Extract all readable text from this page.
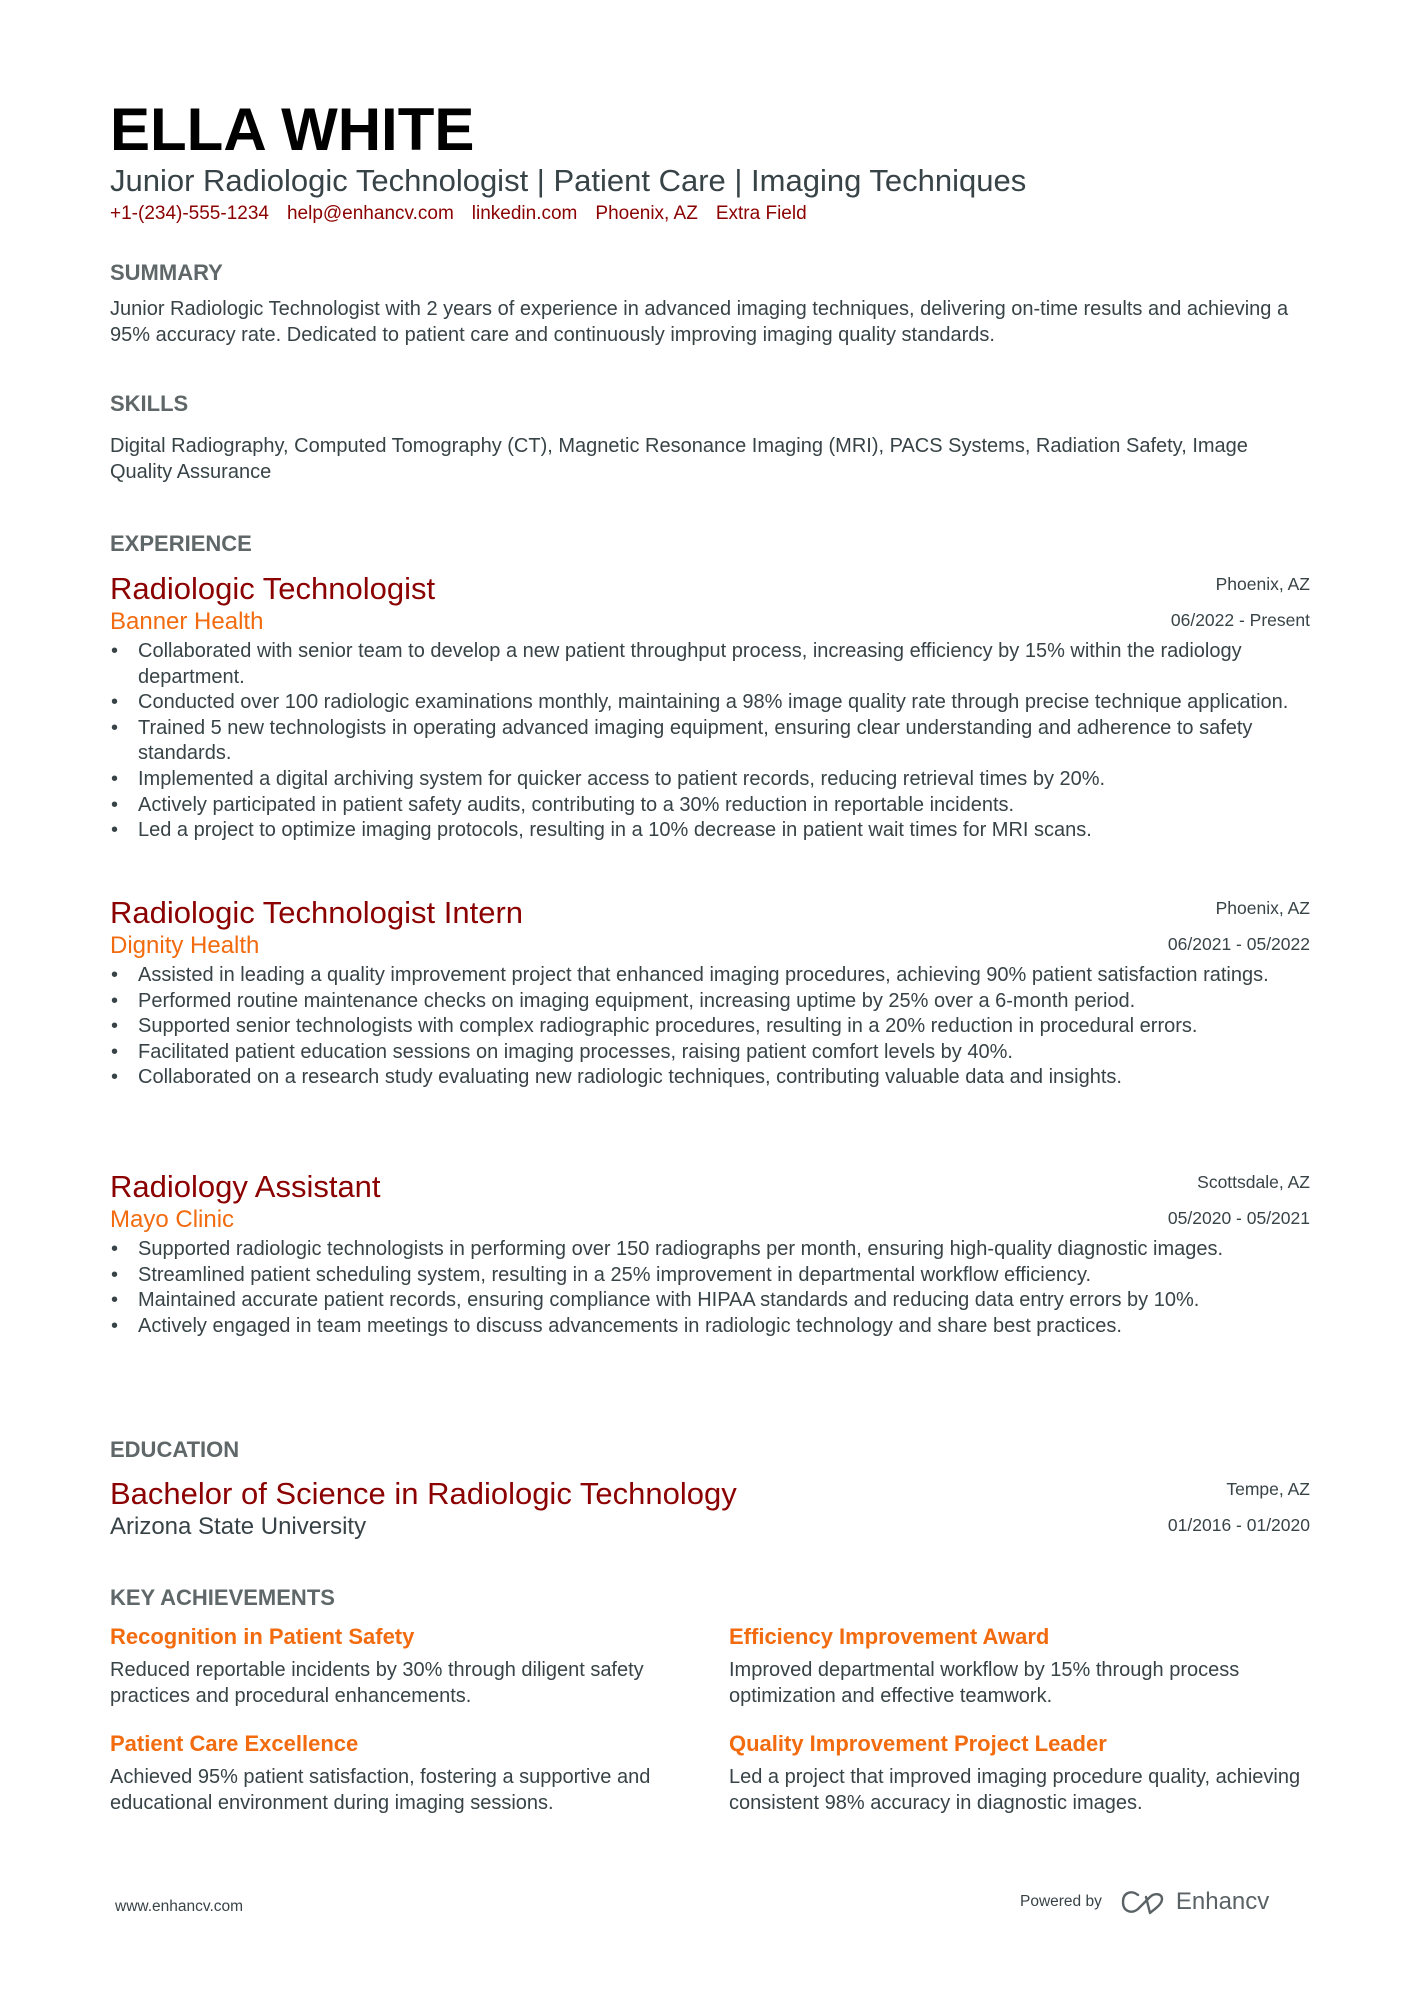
ELLA WHITE
Junior Radiologic Technologist | Patient Care | Imaging Techniques
+1-(234)-555-1234 help@enhancv.com linkedin.com Phoenix, AZ Extra Field
SUMMARY
Junior Radiologic Technologist with 2 years of experience in advanced imaging techniques, delivering on-time results and achieving a 95% accuracy rate. Dedicated to patient care and continuously improving imaging quality standards.
SKILLS
Digital Radiography, Computed Tomography (CT), Magnetic Resonance Imaging (MRI), PACS Systems, Radiation Safety, Image Quality Assurance
EXPERIENCE
Radiologic Technologist
Banner Health
Phoenix, AZ
06/2022 - Present
• Collaborated with senior team to develop a new patient throughput process, increasing efficiency by 15% within the radiology department.
• Conducted over 100 radiologic examinations monthly, maintaining a 98% image quality rate through precise technique application.
• Trained 5 new technologists in operating advanced imaging equipment, ensuring clear understanding and adherence to safety standards.
• Implemented a digital archiving system for quicker access to patient records, reducing retrieval times by 20%.
• Actively participated in patient safety audits, contributing to a 30% reduction in reportable incidents.
• Led a project to optimize imaging protocols, resulting in a 10% decrease in patient wait times for MRI scans.
Radiologic Technologist Intern
Dignity Health
Phoenix, AZ
06/2021 - 05/2022
• Assisted in leading a quality improvement project that enhanced imaging procedures, achieving 90% patient satisfaction ratings.
• Performed routine maintenance checks on imaging equipment, increasing uptime by 25% over a 6-month period.
• Supported senior technologists with complex radiographic procedures, resulting in a 20% reduction in procedural errors.
• Facilitated patient education sessions on imaging processes, raising patient comfort levels by 40%.
• Collaborated on a research study evaluating new radiologic techniques, contributing valuable data and insights.
Radiology Assistant
Mayo Clinic
Scottsdale, AZ
05/2020 - 05/2021
• Supported radiologic technologists in performing over 150 radiographs per month, ensuring high-quality diagnostic images.
• Streamlined patient scheduling system, resulting in a 25% improvement in departmental workflow efficiency.
• Maintained accurate patient records, ensuring compliance with HIPAA standards and reducing data entry errors by 10%.
• Actively engaged in team meetings to discuss advancements in radiologic technology and share best practices.
EDUCATION
Bachelor of Science in Radiologic Technology
Arizona State University
Tempe, AZ
01/2016 - 01/2020
KEY ACHIEVEMENTS
Recognition in Patient Safety
Reduced reportable incidents by 30% through diligent safety practices and procedural enhancements.
Efficiency Improvement Award
Improved departmental workflow by 15% through process optimization and effective teamwork.
Patient Care Excellence
Achieved 95% patient satisfaction, fostering a supportive and educational environment during imaging sessions.
Quality Improvement Project Leader
Led a project that improved imaging procedure quality, achieving consistent 98% accuracy in diagnostic images.
www.enhancv.com	Powered by	Enhancv
